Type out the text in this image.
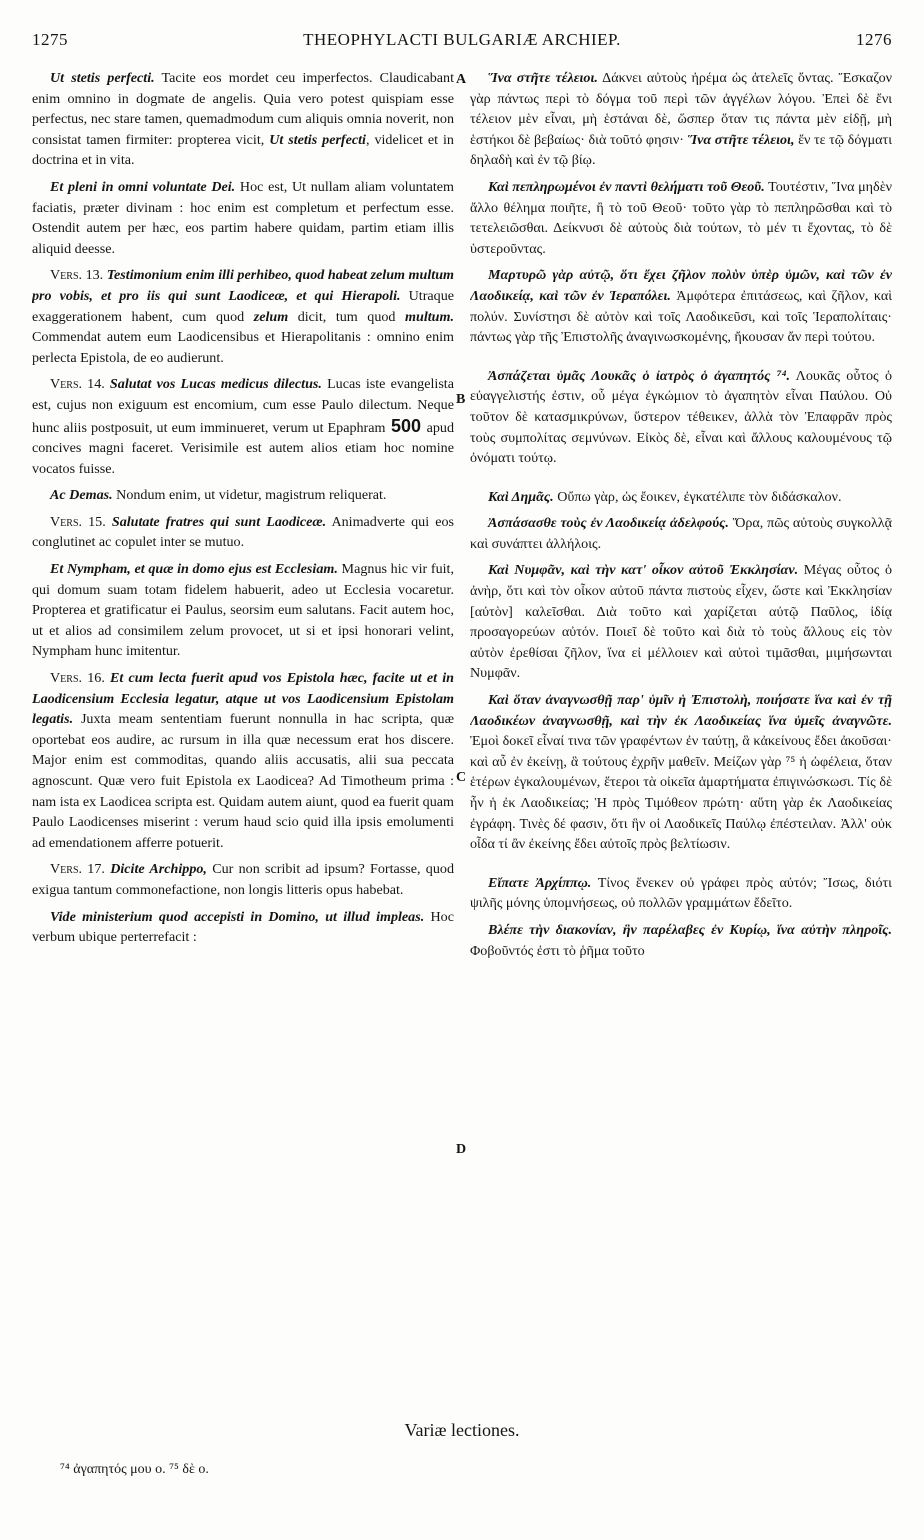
1275	THEOPHYLACTI BULGARIÆ ARCHIEP.	1276
A
B
C
D

Ut stetis perfecti. Tacite eos mordet ceu imperfectos. Claudicabant enim omnino in dogmate de angelis. Quia vero potest quispiam esse perfectus, nec stare tamen, quemadmodum cum aliquis omnia noverit, non consistat tamen firmiter: propterea vicit, Ut stetis perfecti, videlicet et in doctrina et in vita.

Et pleni in omni voluntate Dei. Hoc est, Ut nullam aliam voluntatem faciatis, præter divinam : hoc enim est completum et perfectum esse. Ostendit autem per hæc, eos partim habere quidam, partim etiam illis aliquid deesse.

Vers. 13. Testimonium enim illi perhibeo, quod habeat zelum multum pro vobis, et pro iis qui sunt Laodiceæ, et qui Hierapoli. Utraque exaggerationem habent, cum quod zelum dicit, tum quod multum. Commendat autem eum Laodicensibus et Hierapolitanis : omnino enim perlecta Epistola, de eo audierunt.

Vers. 14. Salutat vos Lucas medicus dilectus. Lucas iste evangelista est, cujus non exiguum est encomium, cum esse Paulo dilectum. Neque hunc aliis postposuit, ut eum imminueret, verum ut Epaphram 500 apud concives magni faceret. Verisimile est autem alios etiam hoc nomine vocatos fuisse.

Ac Demas. Nondum enim, ut videtur, magistrum reliquerat.

Vers. 15. Salutate fratres qui sunt Laodiceæ. Animadverte qui eos conglutinet ac copulet inter se mutuo.

Et Nympham, et quæ in domo ejus est Ecclesiam. Magnus hic vir fuit, qui domum suam totam fidelem habuerit, adeo ut Ecclesia vocaretur. Propterea et gratificatur ei Paulus, seorsim eum salutans. Facit autem hoc, ut et alios ad consimilem zelum provocet, ut si et ipsi honorari velint, Nympham hunc imitentur.

Vers. 16. Et cum lecta fuerit apud vos Epistola hæc, facite ut et in Laodicensium Ecclesia legatur, atque ut vos Laodicensium Epistolam legatis. Juxta meam sententiam fuerunt nonnulla in hac scripta, quæ oportebat eos audire, ac rursum in illa quæ necessum erat hos discere. Major enim est commoditas, quando aliis accusatis, alii sua peccata agnoscunt. Quæ vero fuit Epistola ex Laodicea? Ad Timotheum prima : nam ista ex Laodicea scripta est. Quidam autem aiunt, quod ea fuerit quam Paulo Laodicenses miserint : verum haud scio quid illa ipsis emolumenti ad emendationem afferre potuerit.

Vers. 17. Dicite Archippo, Cur non scribit ad ipsum? Fortasse, quod exigua tantum commonefactione, non longis litteris opus habebat.

Vide ministerium quod accepisti in Domino, ut illud impleas. Hoc verbum ubique perterrefacit :

Ἵνα στῆτε τέλειοι. Δάκνει αὐτοὺς ἠρέμα ὡς ἀτελεῖς ὄντας. Ἔσκαζον γὰρ πάντως περὶ τὸ δόγμα τοῦ περὶ τῶν ἀγγέλων λόγου. Ἐπεὶ δὲ ἔνι τέλειον μὲν εἶναι, μὴ ἑστάναι δὲ, ὥσπερ ὅταν τις πάντα μὲν εἰδῇ, μὴ ἑστήκοι δὲ βεβαίως· διὰ τοῦτό φησιν· Ἵνα στῆτε τέλειοι, ἔν τε τῷ δόγματι δηλαδὴ καὶ ἐν τῷ βίῳ.

Καὶ πεπληρωμένοι ἐν παντὶ θελήματι τοῦ Θεοῦ. Τουτέστιν, Ἵνα μηδὲν ἄλλο θέλημα ποιῆτε, ἢ τὸ τοῦ Θεοῦ· τοῦτο γὰρ τὸ πεπληρῶσθαι καὶ τὸ τετελειῶσθαι. Δείκνυσι δὲ αὐτοὺς διὰ τούτων, τὸ μέν τι ἔχοντας, τὸ δὲ ὑστεροῦντας.

Μαρτυρῶ γὰρ αὐτῷ, ὅτι ἔχει ζῆλον πολὺν ὑπὲρ ὑμῶν, καὶ τῶν ἐν Λαοδικείᾳ, καὶ τῶν ἐν Ἱεραπόλει. Ἀμφότερα ἐπιτάσεως, καὶ ζῆλον, καὶ πολύν. Συνίστησι δὲ αὐτὸν καὶ τοῖς Λαοδικεῦσι, καὶ τοῖς Ἱεραπολίταις· πάντως γὰρ τῆς Ἐπιστολῆς ἀναγινωσκομένης, ἤκουσαν ἄν περὶ τούτου.

Ἀσπάζεται ὑμᾶς Λουκᾶς ὁ ἰατρὸς ὁ ἀγαπητός ⁷⁴. Λουκᾶς οὗτος ὁ εὐαγγελιστής ἐστιν, οὗ μέγα ἐγκώμιον τὸ ἀγαπητὸν εἶναι Παύλου. Οὐ τοῦτον δὲ κατασμικρύνων, ὕστερον τέθεικεν, ἀλλὰ τὸν Ἐπαφρᾶν πρὸς τοὺς συμπολίτας σεμνύνων. Εἰκὸς δὲ, εἶναι καὶ ἄλλους καλουμένους τῷ ὀνόματι τούτῳ.

Καὶ Δημᾶς. Οὔπω γὰρ, ὡς ἔοικεν, ἐγκατέλιπε τὸν διδάσκαλον.

Ἀσπάσασθε τοὺς ἐν Λαοδικείᾳ ἀδελφούς. Ὅρα, πῶς αὐτοὺς συγκολλᾷ καὶ συνάπτει ἀλλήλοις.

Καὶ Νυμφᾶν, καὶ τὴν κατ' οἶκον αὐτοῦ Ἐκκλησίαν. Μέγας οὗτος ὁ ἀνὴρ, ὅτι καὶ τὸν οἶκον αὐτοῦ πάντα πιστοὺς εἶχεν, ὥστε καὶ Ἐκκλησίαν [αὐτὸν] καλεῖσθαι. Διὰ τοῦτο καὶ χαρίζεται αὐτῷ Παῦλος, ἰδίᾳ προσαγορεύων αὐτόν. Ποιεῖ δὲ τοῦτο καὶ διὰ τὸ τοὺς ἄλλους εἰς τὸν αὐτὸν ἐρεθίσαι ζῆλον, ἵνα εἰ μέλλοιεν καὶ αὐτοὶ τιμᾶσθαι, μιμήσωνται Νυμφᾶν.

Καὶ ὅταν ἀναγνωσθῇ παρ' ὑμῖν ἡ Ἐπιστολὴ, ποιήσατε ἵνα καὶ ἐν τῇ Λαοδικέων ἀναγνωσθῇ, καὶ τὴν ἐκ Λαοδικείας ἵνα ὑμεῖς ἀναγνῶτε. Ἐμοὶ δοκεῖ εἶναί τινα τῶν γραφέντων ἐν ταύτῃ, ἃ κἀκείνους ἔδει ἀκοῦσαι· καὶ αὖ ἐν ἐκείνῃ, ἃ τούτους ἐχρῆν μαθεῖν. Μείζων γὰρ ⁷⁵ ἡ ὠφέλεια, ὅταν ἑτέρων ἐγκαλουμένων, ἕτεροι τὰ οἰκεῖα ἁμαρτήματα ἐπιγινώσκωσι. Τίς δὲ ἦν ἡ ἐκ Λαοδικείας; Ἡ πρὸς Τιμόθεον πρώτη· αὕτη γὰρ ἐκ Λαοδικείας ἐγράφη. Τινὲς δέ φασιν, ὅτι ἣν οἱ Λαοδικεῖς Παύλῳ ἐπέστειλαν. Ἀλλ' οὐκ οἶδα τί ἂν ἐκείνης ἔδει αὐτοῖς πρὸς βελτίωσιν.

Εἴπατε Ἀρχίππῳ. Τίνος ἕνεκεν οὐ γράφει πρὸς αὐτόν; Ἴσως, διότι ψιλῆς μόνης ὑπομνήσεως, οὐ πολλῶν γραμμάτων ἔδεῖτο.

Βλέπε τὴν διακονίαν, ἣν παρέλαβες ἐν Κυρίῳ, ἵνα αὐτὴν πληροῖς. Φοβοῦντός ἐστι τὸ ῥῆμα τοῦτο

Variæ lectiones.
⁷⁴ ἀγαπητός μου ο. ⁷⁵ δὲ ο.
